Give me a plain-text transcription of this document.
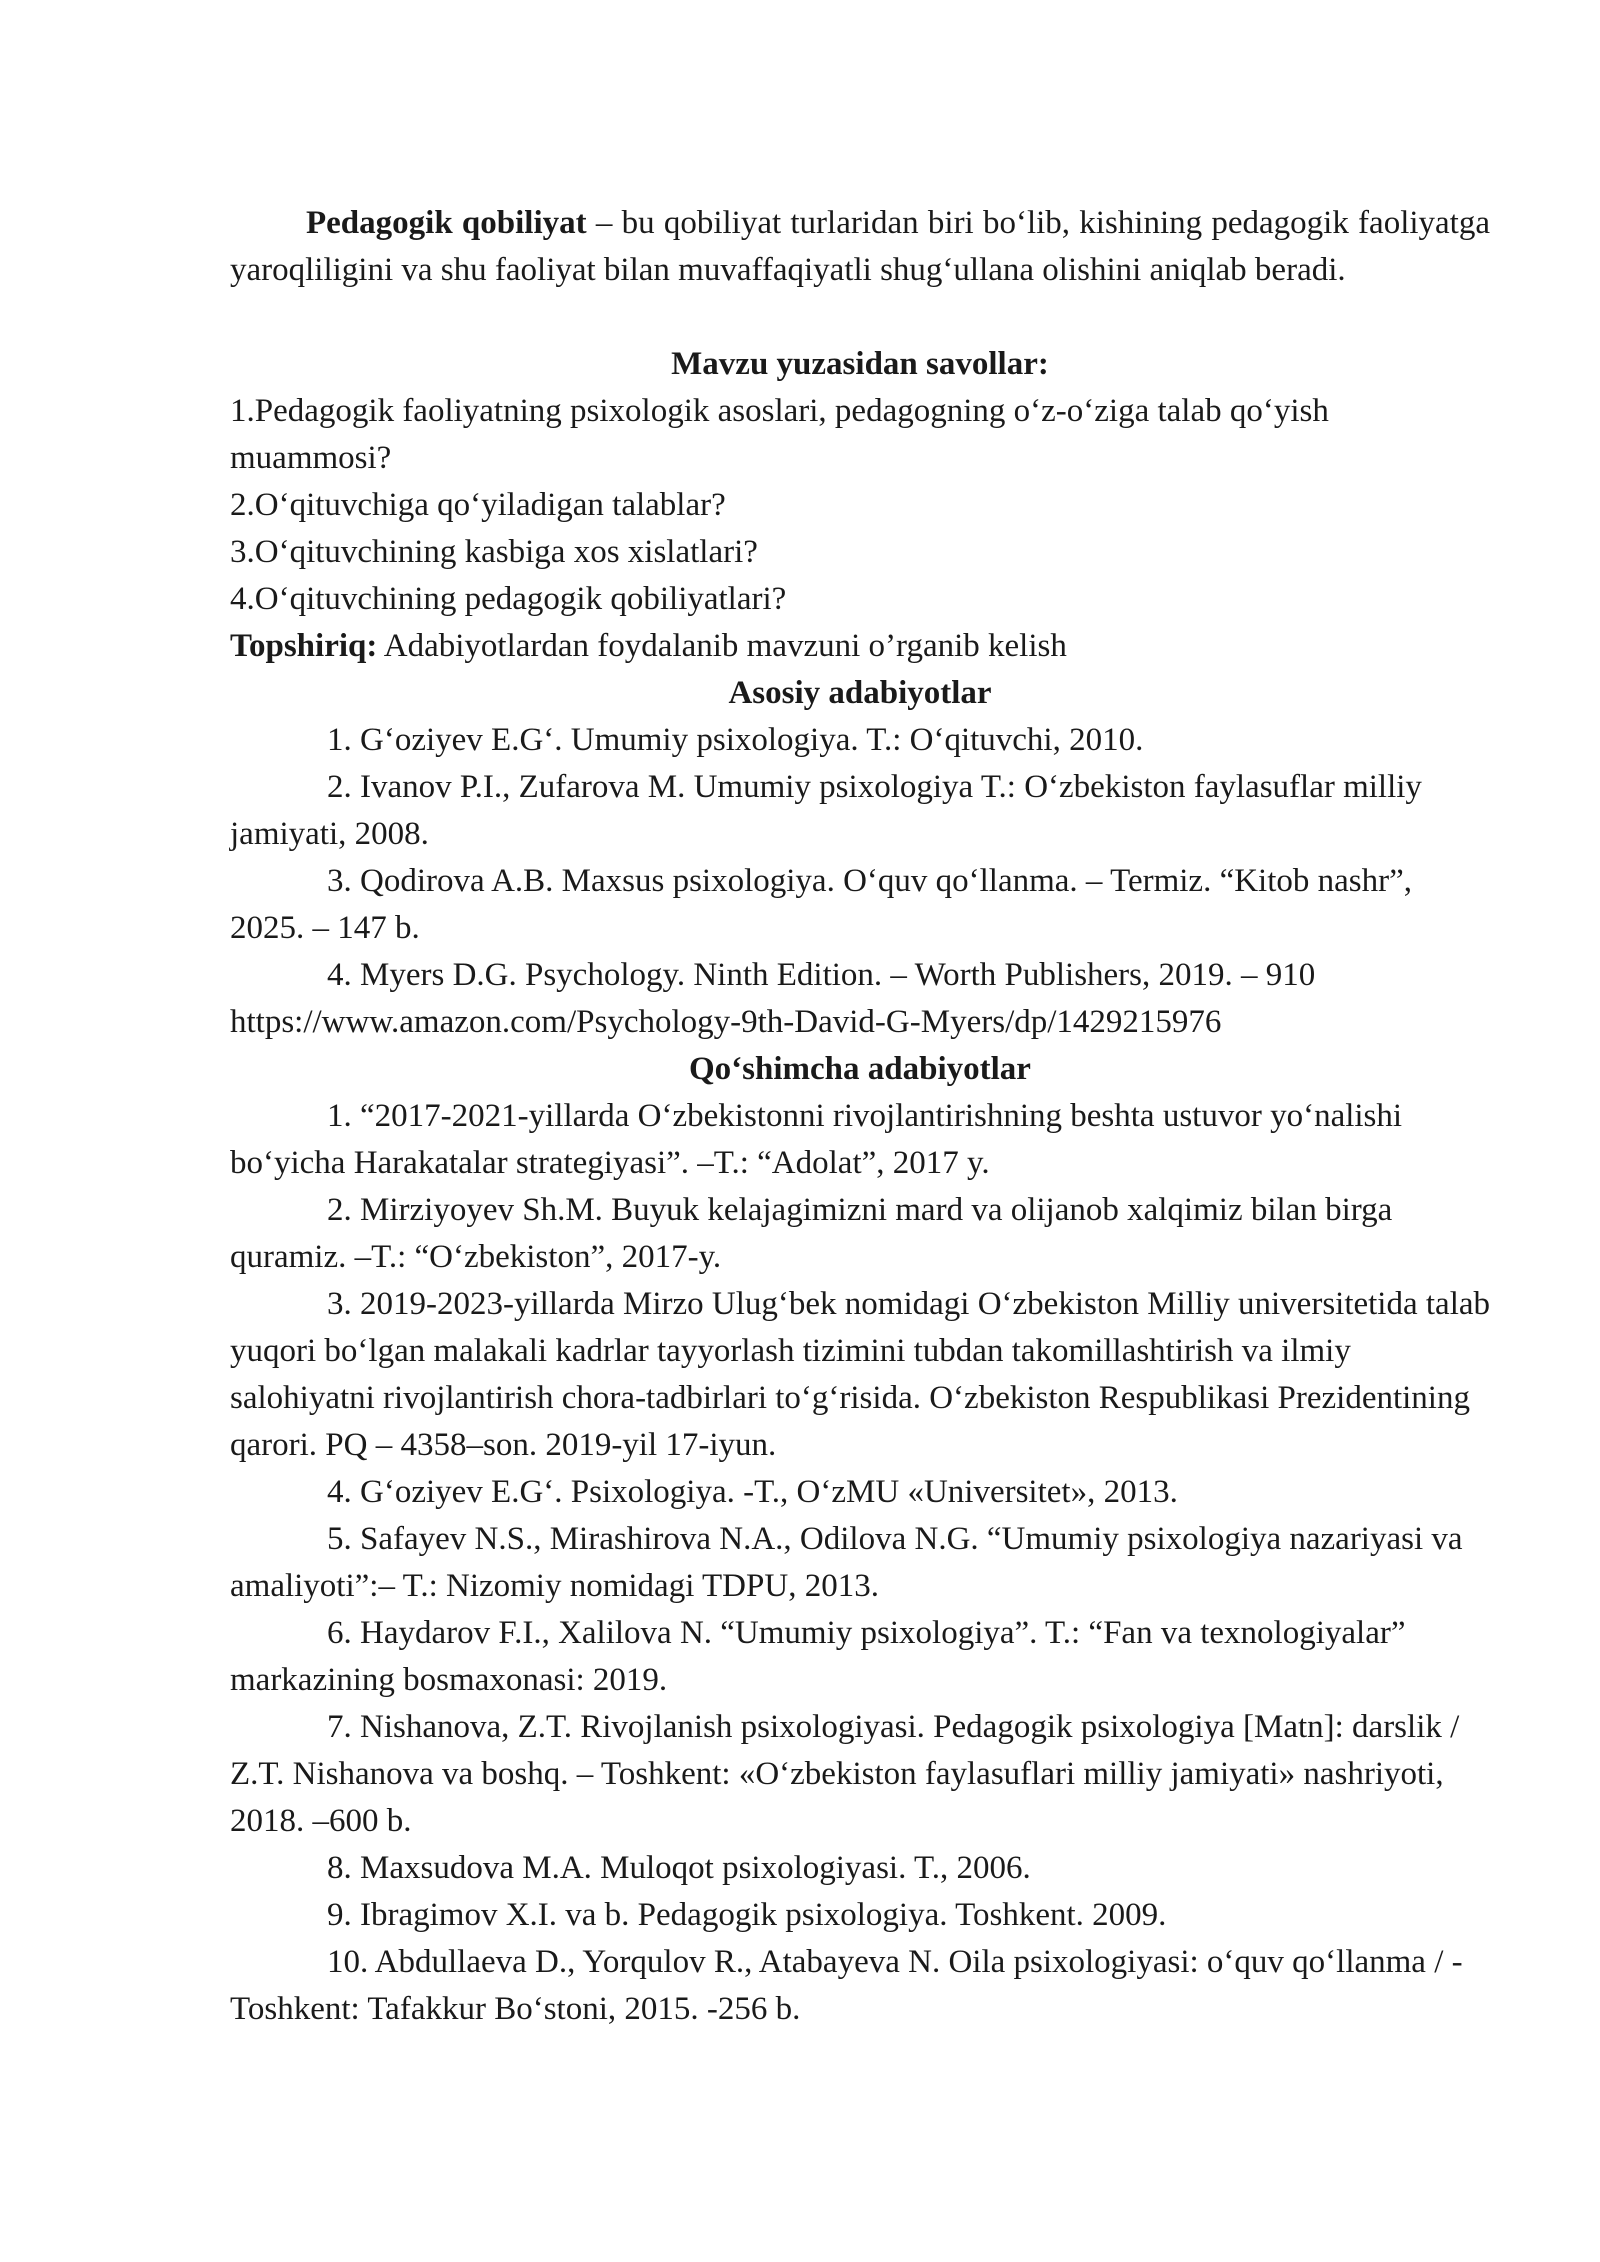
Pedagogik qobiliyat – bu qobiliyat turlaridan biri bo‘lib, kishining pedagogik faoliyatga yaroqliligini va shu faoliyat bilan muvaffaqiyatli shug‘ullana olishini aniqlab beradi.

Mavzu yuzasidan savollar:

1.Pedagogik faoliyatning psixologik asoslari, pedagogning o‘z-o‘ziga talab qo‘yish muammosi?

2.O‘qituvchiga qo‘yiladigan talablar?

3.O‘qituvchining kasbiga xos xislatlari?

4.O‘qituvchining pedagogik qobiliyatlari?

Topshiriq: Adabiyotlardan foydalanib mavzuni o’rganib kelish

Asosiy adabiyotlar

1. G‘oziyev E.G‘. Umumiy psixologiya. T.: O‘qituvchi, 2010.

2. Ivanov P.I., Zufarova M. Umumiy psixologiya T.: O‘zbekiston faylasuflar milliy jamiyati, 2008.

3. Qodirova A.B. Maxsus psixologiya. O‘quv qo‘llanma. – Termiz. “Kitob nashr”, 2025. – 147 b.

4. Myers D.G. Psychology. Ninth Edition. – Worth Publishers, 2019. – 910 https://www.amazon.com/Psychology-9th-David-G-Myers/dp/1429215976

Qo‘shimcha adabiyotlar

1. “2017-2021-yillarda O‘zbekistonni rivojlantirishning beshta ustuvor yo‘nalishi bo‘yicha Harakatalar strategiyasi”. –T.: “Adolat”, 2017 y.

2. Mirziyoyev Sh.M. Buyuk kelajagimizni mard va olijanob xalqimiz bilan birga quramiz. –T.: “O‘zbekiston”, 2017-y.

3. 2019-2023-yillarda Mirzo Ulug‘bek nomidagi O‘zbekiston Milliy universitetida talab yuqori bo‘lgan malakali kadrlar tayyorlash tizimini tubdan takomillashtirish va ilmiy salohiyatni rivojlantirish chora-tadbirlari to‘g‘risida. O‘zbekiston Respublikasi Prezidentining qarori. PQ – 4358–son. 2019-yil 17-iyun.

4. G‘oziyev E.G‘. Psixologiya. -T., O‘zMU «Universitet», 2013.

5. Safayev N.S., Mirashirova N.A., Odilova N.G. “Umumiy psixologiya nazariyasi va amaliyoti”:– T.: Nizomiy nomidagi TDPU, 2013.

6. Haydarov F.I., Xalilova N. “Umumiy psixologiya”. T.: “Fan va texnologiyalar” markazining bosmaxonasi: 2019.

7. Nishanova, Z.T. Rivojlanish psixologiyasi. Pedagogik psixologiya [Matn]: darslik / Z.T. Nishanova va boshq. – Toshkent: «O‘zbekiston faylasuflari milliy jamiyati» nashriyoti, 2018. –600 b.

8. Maxsudova M.A. Muloqot psixologiyasi. T., 2006.

9. Ibragimov X.I. va b. Pedagogik psixologiya. Toshkent. 2009.

10. Abdullaeva D., Yorqulov R., Atabayeva N. Oila psixologiyasi: o‘quv qo‘llanma / -Toshkent: Tafakkur Bo‘stoni, 2015. -256 b.
